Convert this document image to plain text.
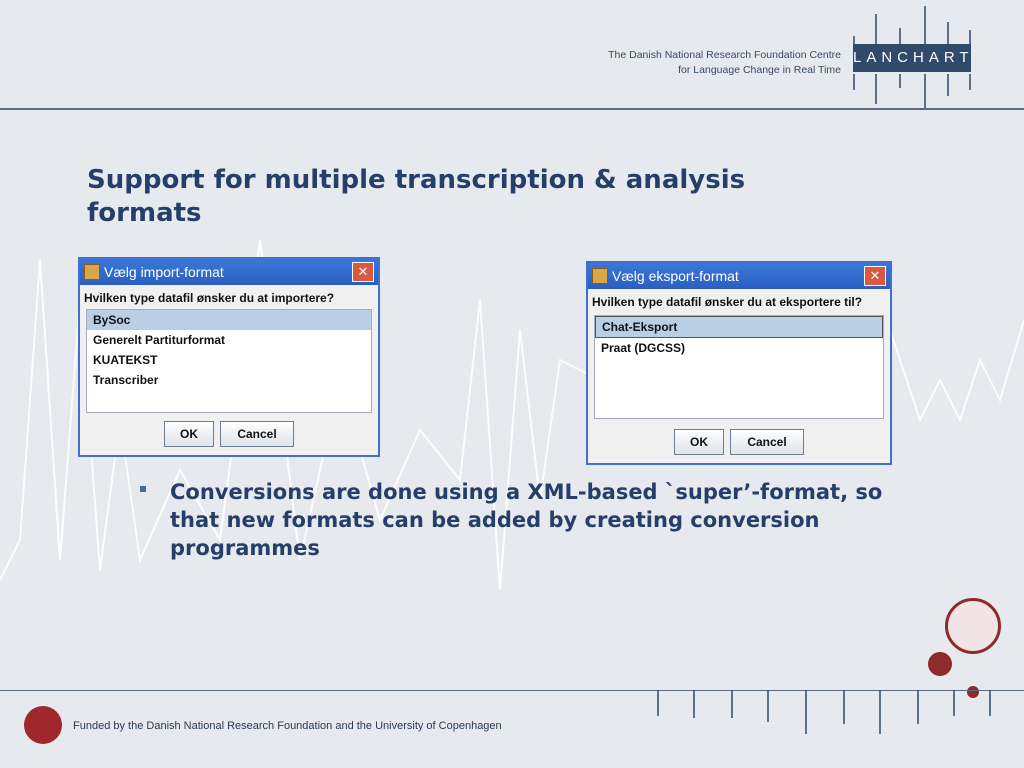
The Danish National Research Foundation Centre
for Language Change in Real Time
LANCHART
Support for multiple transcription & analysis formats
Vælg import-format	✕
Hvilken type datafil ønsker du at importere?
BySoc
Generelt Partiturformat
KUATEKST
Transcriber
OK	Cancel
Vælg eksport-format	✕
Hvilken type datafil ønsker du at eksportere til?
Chat-Eksport
Praat (DGCSS)
OK	Cancel
Conversions are done using a XML-based `super’-format, so that new formats can be added by creating conversion programmes
Funded by the Danish National Research Foundation and the University of Copenhagen
